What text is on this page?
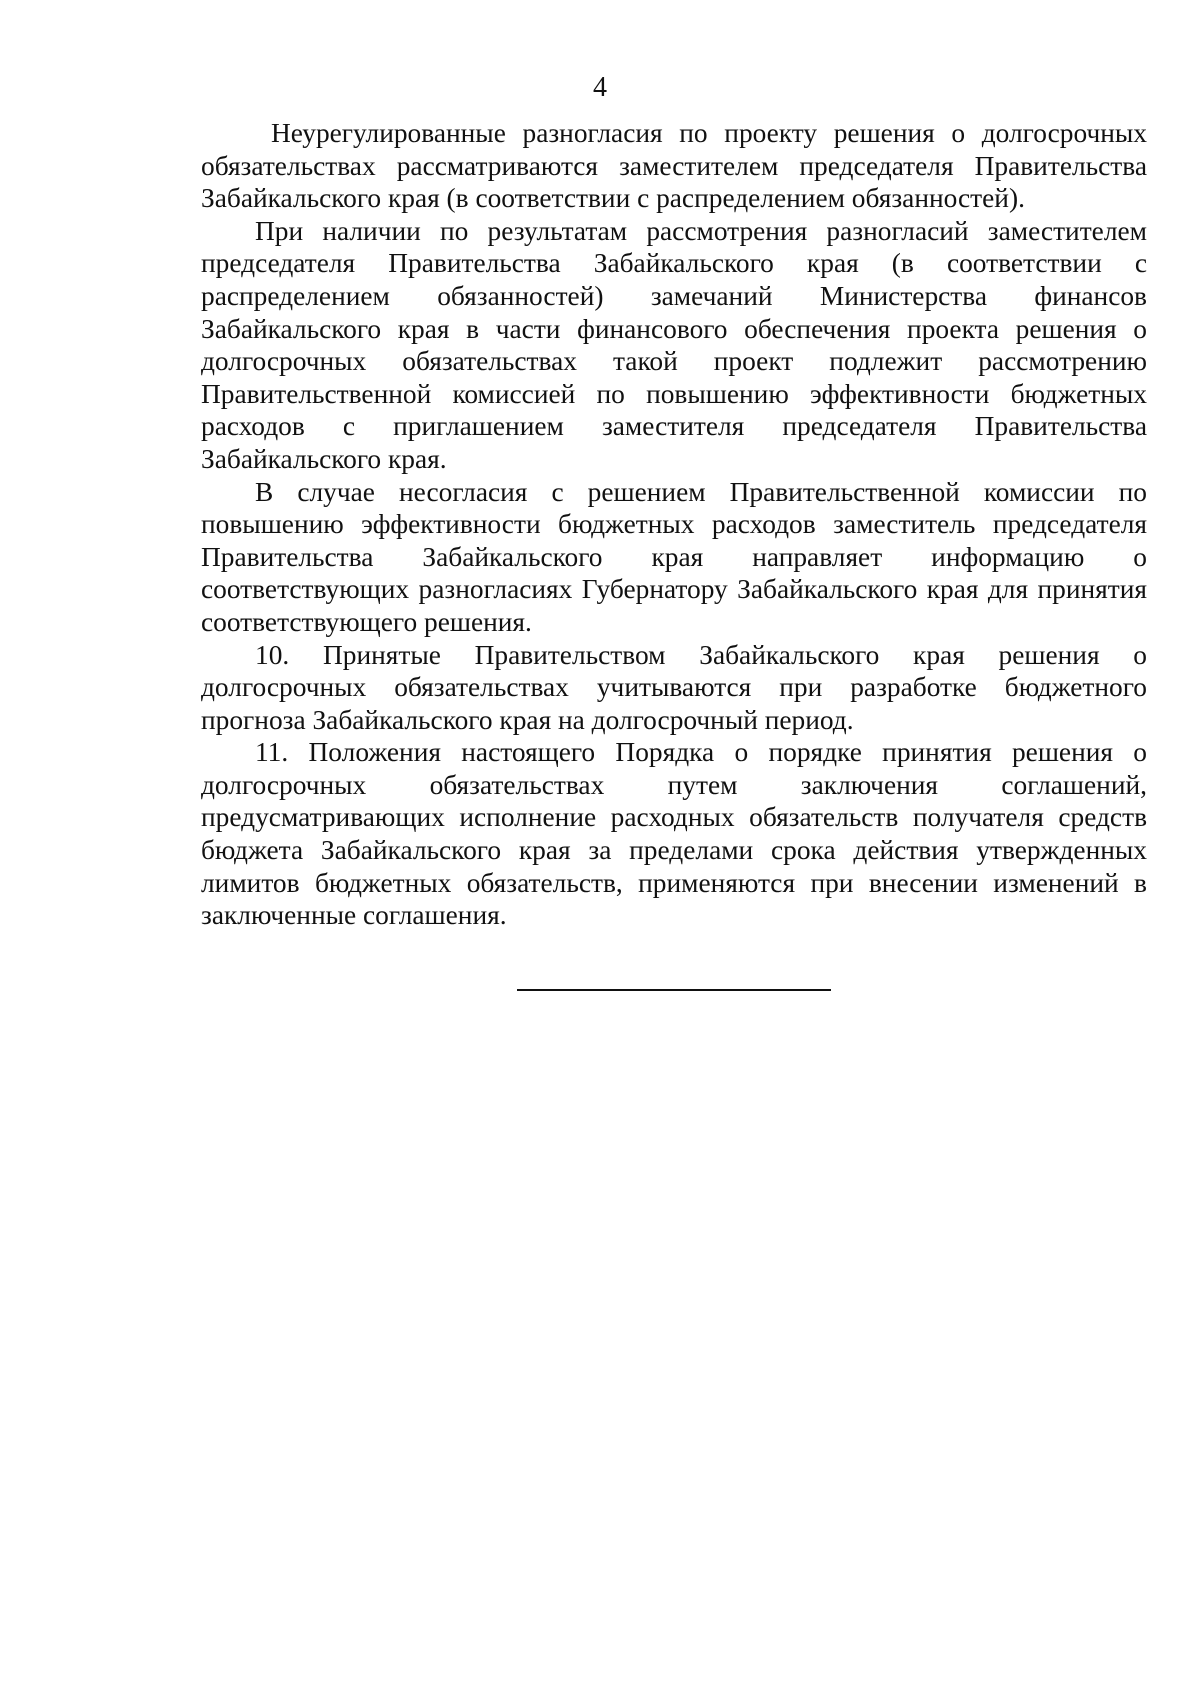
4

Неурегулированные разногласия по проекту решения о долгосрочных обязательствах рассматриваются заместителем председателя Правительства Забайкальского края (в соответствии с распределением обязанностей).

При наличии по результатам рассмотрения разногласий заместителем председателя Правительства Забайкальского края (в соответствии с распределением обязанностей) замечаний Министерства финансов Забайкальского края в части финансового обеспечения проекта решения о долгосрочных обязательствах такой проект подлежит рассмотрению Правительственной комиссией по повышению эффективности бюджетных расходов с приглашением заместителя председателя Правительства Забайкальского края.

В случае несогласия с решением Правительственной комиссии по повышению эффективности бюджетных расходов заместитель председателя Правительства Забайкальского края направляет информацию о соответствующих разногласиях Губернатору Забайкальского края для принятия соответствующего решения.

10. Принятые Правительством Забайкальского края решения о долгосрочных обязательствах учитываются при разработке бюджетного прогноза Забайкальского края на долгосрочный период.

11. Положения настоящего Порядка о порядке принятия решения о долгосрочных обязательствах путем заключения соглашений, предусматривающих исполнение расходных обязательств получателя средств бюджета Забайкальского края за пределами срока действия утвержденных лимитов бюджетных обязательств, применяются при внесении изменений в заключенные соглашения.
